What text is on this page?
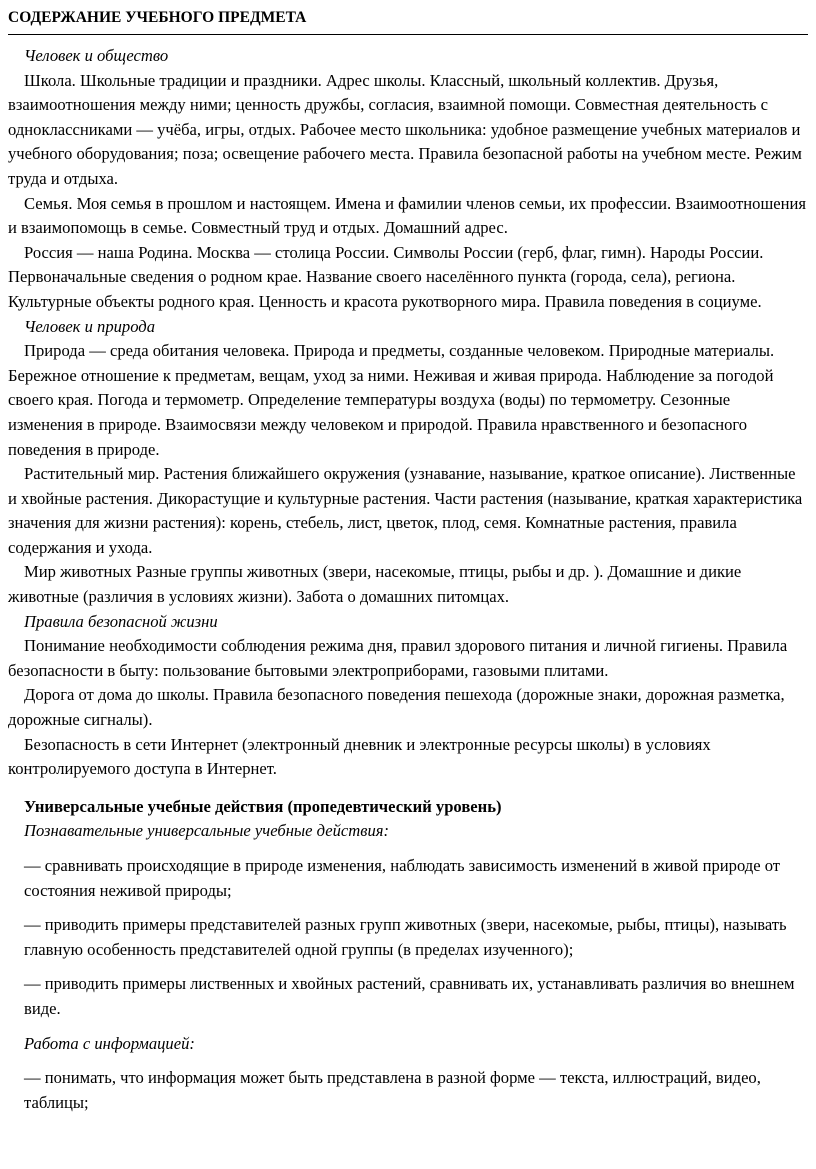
СОДЕРЖАНИЕ УЧЕБНОГО ПРЕДМЕТА

Человек и общество

Школа. Школьные традиции и праздники. Адрес школы. Классный, школьный коллектив. Друзья, взаимоотношения между ними; ценность дружбы, согласия, взаимной помощи. Совместная деятельность с одноклассниками — учёба, игры, отдых. Рабочее место школьника: удобное размещение учебных материалов и учебного оборудования; поза; освещение рабочего места. Правила безопасной работы на учебном месте. Режим труда и отдыха.

Семья. Моя семья в прошлом и настоящем. Имена и фамилии членов семьи, их профессии. Взаимоотношения и взаимопомощь в семье. Совместный труд и отдых. Домашний адрес.

Россия — наша Родина. Москва — столица России. Символы России (герб, флаг, гимн). Народы России. Первоначальные сведения о родном крае. Название своего населённого пункта (города, села), региона. Культурные объекты родного края. Ценность и красота рукотворного мира. Правила поведения в социуме.

Человек и природа

Природа — среда обитания человека. Природа и предметы, созданные человеком. Природные материалы. Бережное отношение к предметам, вещам, уход за ними. Неживая и живая природа. Наблюдение за погодой своего края. Погода и термометр. Определение температуры воздуха (воды) по термометру. Сезонные изменения в природе. Взаимосвязи между человеком и природой. Правила нравственного и безопасного поведения в природе.

Растительный мир. Растения ближайшего окружения (узнавание, называние, краткое описание). Лиственные и хвойные растения. Дикорастущие и культурные растения. Части растения (называние, краткая характеристика значения для жизни растения): корень, стебель, лист, цветок, плод, семя. Комнатные растения, правила содержания и ухода.

Мир животных Разные группы животных (звери, насекомые, птицы, рыбы и др. ). Домашние и дикие животные (различия в условиях жизни). Забота о домашних питомцах.

Правила безопасной жизни

Понимание необходимости соблюдения режима дня, правил здорового питания и личной гигиены. Правила безопасности в быту: пользование бытовыми электроприборами, газовыми плитами.

Дорога от дома до школы. Правила безопасного поведения пешехода (дорожные знаки, дорожная разметка, дорожные сигналы).

Безопасность в сети Интернет (электронный дневник и электронные ресурсы школы) в условиях контролируемого доступа в Интернет.

Универсальные учебные действия (пропедевтический уровень)

Познавательные универсальные учебные действия:

— сравнивать происходящие в природе изменения, наблюдать зависимость изменений в живой природе от состояния неживой природы;

— приводить примеры представителей разных групп животных (звери, насекомые, рыбы, птицы), называть главную особенность представителей одной группы (в пределах изученного);

— приводить примеры лиственных и хвойных растений, сравнивать их, устанавливать различия во внешнем виде.

Работа с информацией:

— понимать, что информация может быть представлена в разной форме — текста, иллюстраций, видео, таблицы;
